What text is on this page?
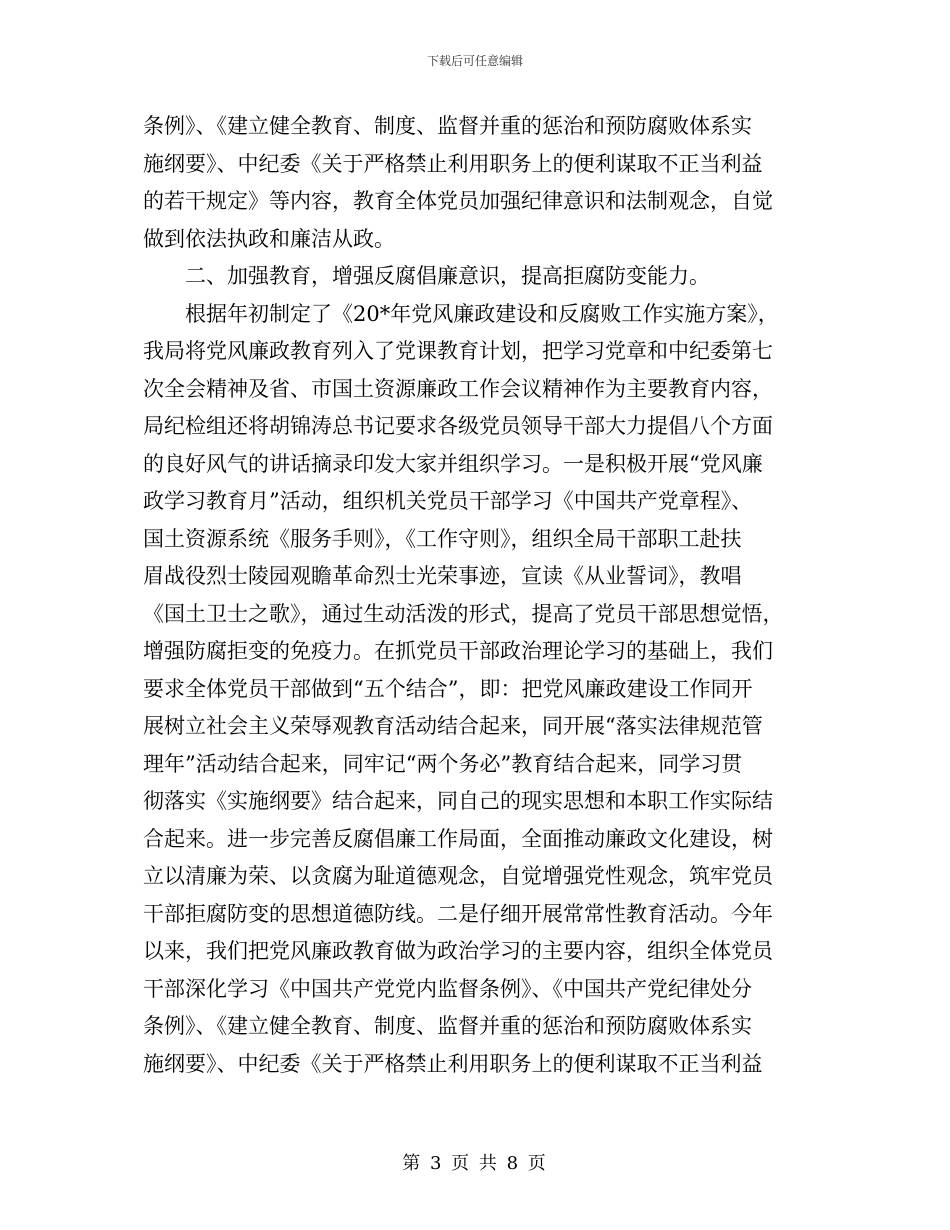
下载后可任意编辑
条例》、《建立健全教育、制度、监督并重的惩治和预防腐败体系实
施纲要》、中纪委《关于严格禁止利用职务上的便利谋取不正当利益
的若干规定》等内容，教育全体党员加强纪律意识和法制观念，自觉
做到依法执政和廉洁从政。
二、加强教育，增强反腐倡廉意识，提高拒腐防变能力。
根据年初制定了《20*年党风廉政建设和反腐败工作实施方案》，
我局将党风廉政教育列入了党课教育计划，把学习党章和中纪委第七
次全会精神及省、市国土资源廉政工作会议精神作为主要教育内容，
局纪检组还将胡锦涛总书记要求各级党员领导干部大力提倡八个方面
的良好风气的讲话摘录印发大家并组织学习。一是积极开展“党风廉
政学习教育月”活动，组织机关党员干部学习《中国共产党章程》、
国土资源系统《服务手则》，《工作守则》，组织全局干部职工赴扶
眉战役烈士陵园观瞻革命烈士光荣事迹，宣读《从业誓词》，教唱
《国土卫士之歌》，通过生动活泼的形式，提高了党员干部思想觉悟，
增强防腐拒变的免疫力。在抓党员干部政治理论学习的基础上，我们
要求全体党员干部做到“五个结合”，即：把党风廉政建设工作同开
展树立社会主义荣辱观教育活动结合起来，同开展“落实法律规范管
理年”活动结合起来，同牢记“两个务必”教育结合起来，同学习贯
彻落实《实施纲要》结合起来，同自己的现实思想和本职工作实际结
合起来。进一步完善反腐倡廉工作局面，全面推动廉政文化建设，树
立以清廉为荣、以贪腐为耻道德观念，自觉增强党性观念，筑牢党员
干部拒腐防变的思想道德防线。二是仔细开展常常性教育活动。今年
以来，我们把党风廉政教育做为政治学习的主要内容，组织全体党员
干部深化学习《中国共产党党内监督条例》、《中国共产党纪律处分
条例》、《建立健全教育、制度、监督并重的惩治和预防腐败体系实
施纲要》、中纪委《关于严格禁止利用职务上的便利谋取不正当利益
第 3 页 共 8 页
